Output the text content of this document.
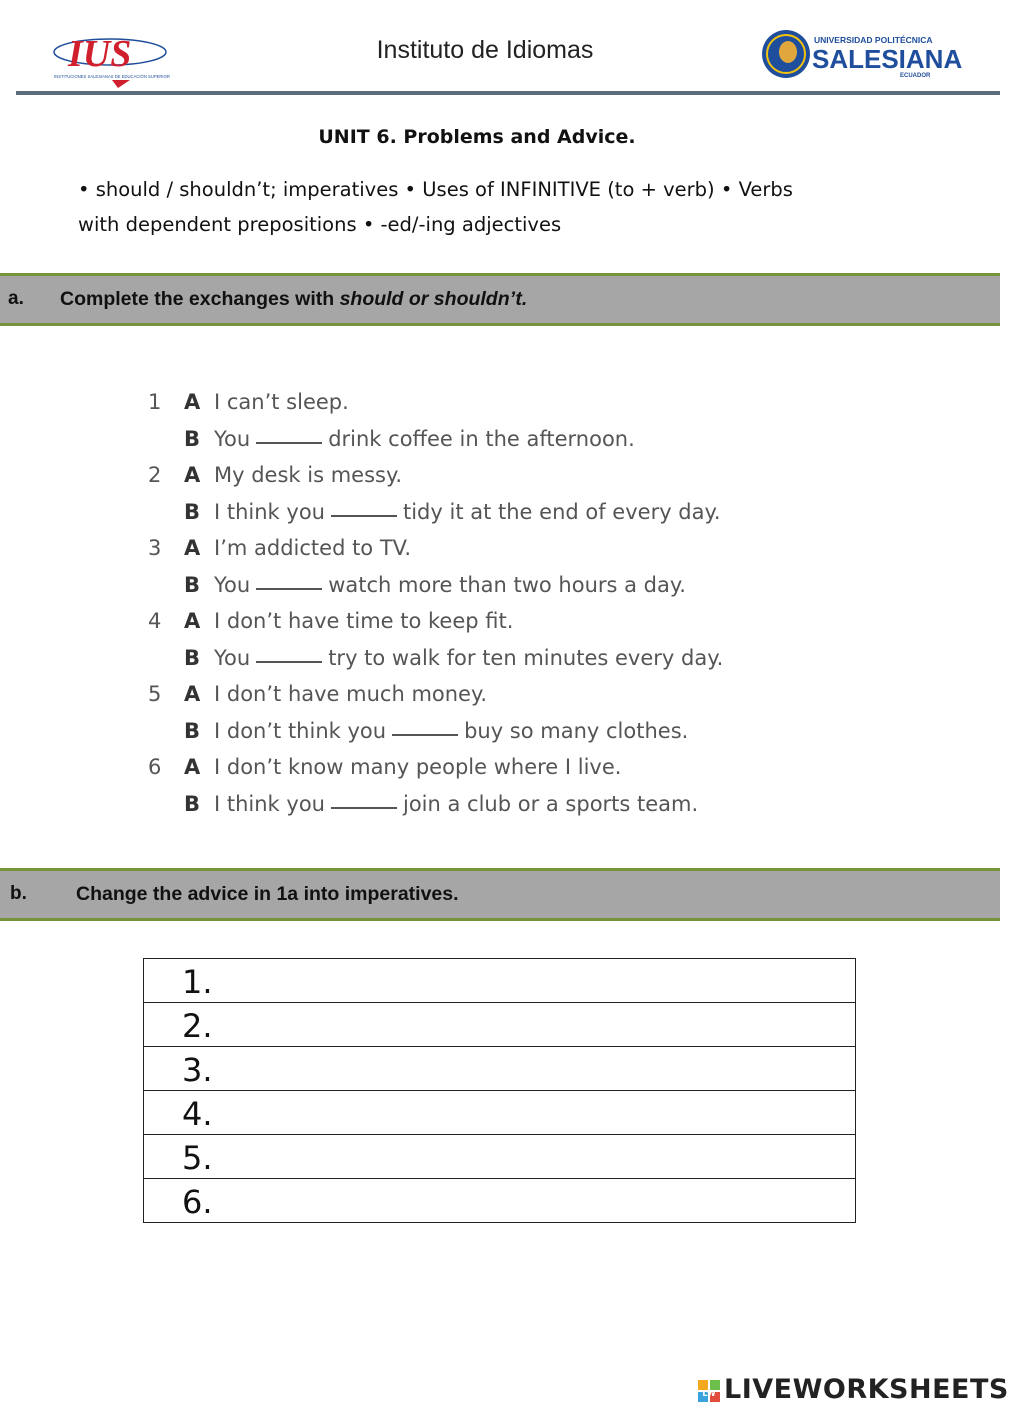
IUS
INSTITUCIONES SALESIANAS DE EDUCACIÓN SUPERIOR
Instituto de Idiomas	UNIVERSIDAD POLITÉCNICA
SALESIANA
ECUADOR
UNIT 6. Problems and Advice.
• should / shouldn’t; imperatives • Uses of INFINITIVE (to + verb) • Verbs
with dependent prepositions • -ed/-ing adjectives
a. Complete the exchanges with should or shouldn’t.
1	A I can’t sleep.
B You	drink coffee in the afternoon.
2	A My desk is messy.
B I think you	tidy it at the end of every day.
3	A I’m addicted to TV.
B You	watch more than two hours a day.
4	A I don’t have time to keep fit.
B You	try to walk for ten minutes every day.
5	A I don’t have much money.
B I don’t think you	buy so many clothes.
6	A I don’t know many people where I live.
B I think you	join a club or a sports team.
b.	Change the advice in 1a into imperatives.
1.
2.
3.
4.
5.
6.
LW LIVEWORKSHEETS
